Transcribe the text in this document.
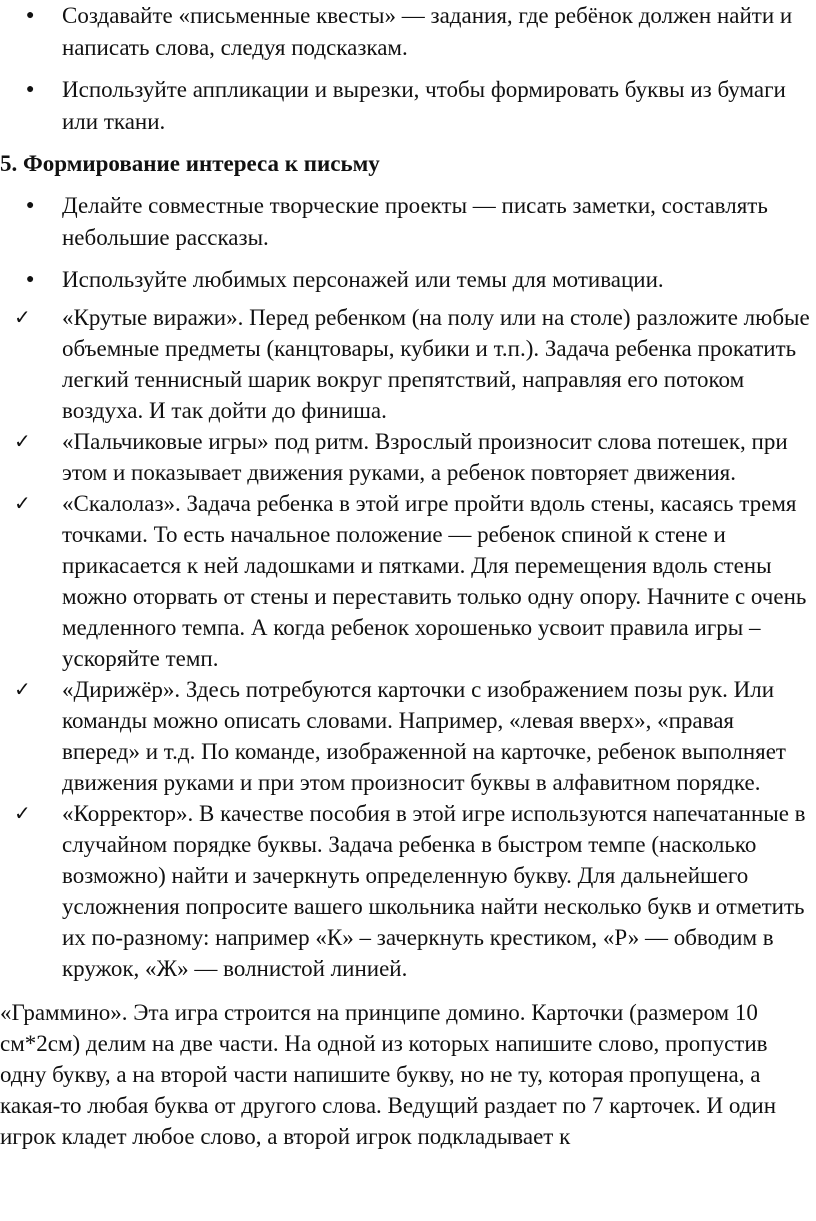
● Создавайте «письменные квесты» — задания, где ребёнок должен найти и написать слова, следуя подсказкам.
● Используйте аппликации и вырезки, чтобы формировать буквы из бумаги или ткани.
5. Формирование интереса к письму
● Делайте совместные творческие проекты — писать заметки, составлять небольшие рассказы.
● Используйте любимых персонажей или темы для мотивации.
✓ «Крутые виражи». Перед ребенком (на полу или на столе) разложите любые объемные предметы (канцтовары, кубики и т.п.). Задача ребенка прокатить легкий теннисный шарик вокруг препятствий, направляя его потоком воздуха. И так дойти до финиша.
✓ «Пальчиковые игры» под ритм. Взрослый произносит слова потешек, при этом и показывает движения руками, а ребенок повторяет движения.
✓ «Скалолаз». Задача ребенка в этой игре пройти вдоль стены, касаясь тремя точками. То есть начальное положение — ребенок спиной к стене и прикасается к ней ладошками и пятками. Для перемещения вдоль стены можно оторвать от стены и переставить только одну опору. Начните с очень медленного темпа. А когда ребенок хорошенько усвоит правила игры – ускоряйте темп.
✓ «Дирижёр». Здесь потребуются карточки с изображением позы рук. Или команды можно описать словами. Например, «левая вверх», «правая вперед» и т.д. По команде, изображенной на карточке, ребенок выполняет движения руками и при этом произносит буквы в алфавитном порядке.
✓ «Корректор». В качестве пособия в этой игре используются напечатанные в случайном порядке буквы. Задача ребенка в быстром темпе (насколько возможно) найти и зачеркнуть определенную букву. Для дальнейшего усложнения попросите вашего школьника найти несколько букв и отметить их по-разному: например «К» – зачеркнуть крестиком, «Р» — обводим в кружок, «Ж» — волнистой линией.
«Граммино». Эта игра строится на принципе домино. Карточки (размером 10 см*2см) делим на две части. На одной из которых напишите слово, пропустив одну букву, а на второй части напишите букву, но не ту, которая пропущена, а какая-то любая буква от другого слова. Ведущий раздает по 7 карточек. И один игрок кладет любое слово, а второй игрок подкладывает к
